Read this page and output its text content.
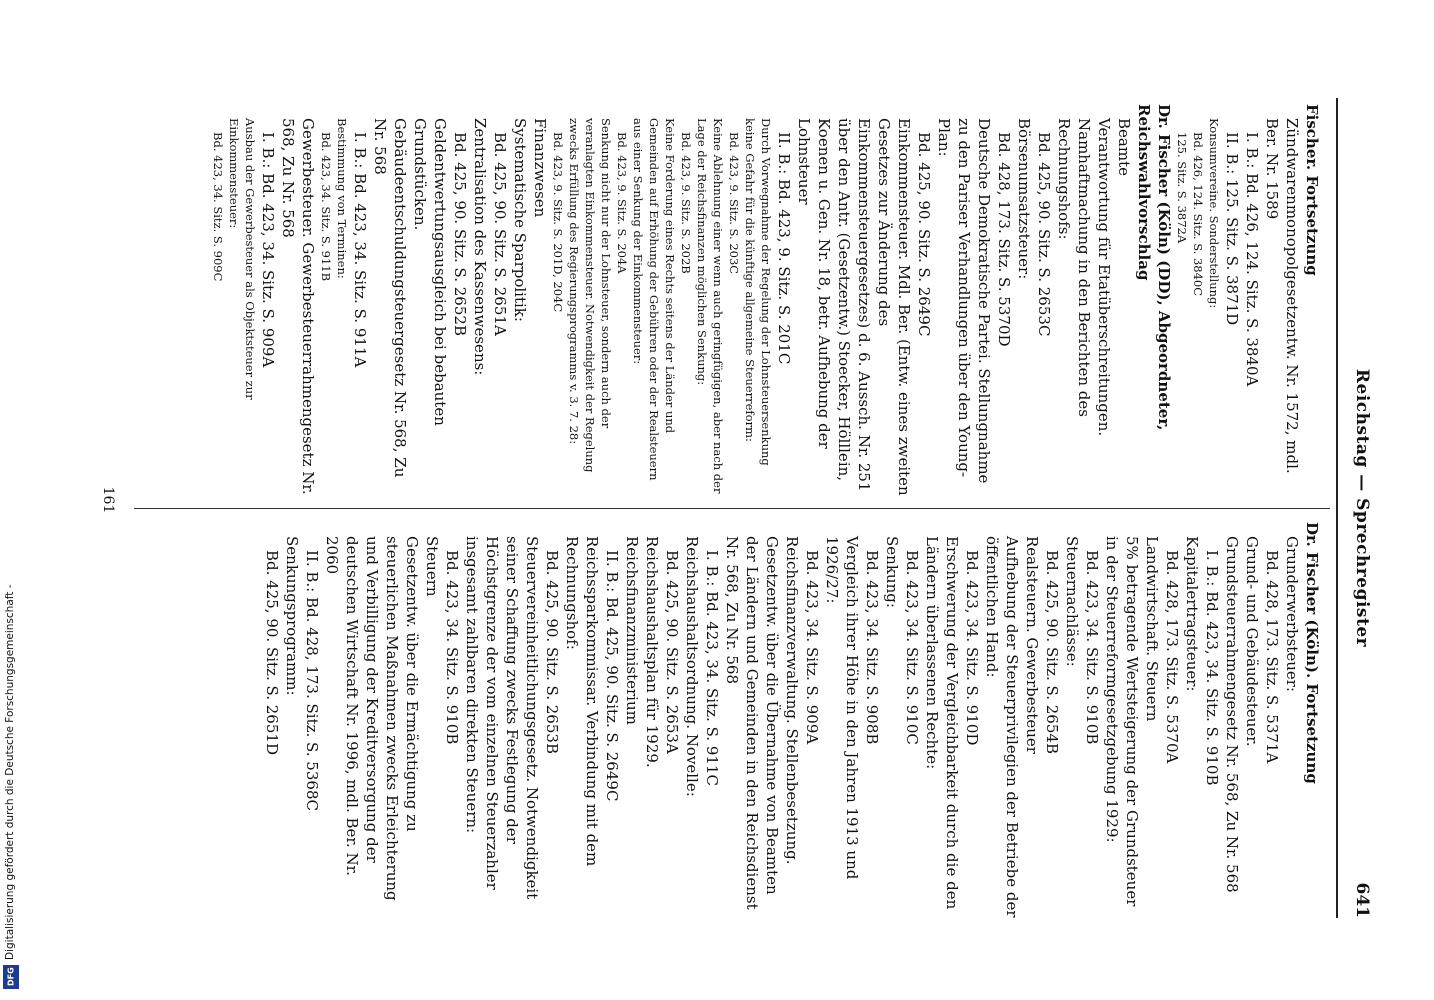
Reichstag — Sprechregister
641

Fischer. Fortsetzung

Zündwarenmonopolgesetzentw. Nr. 1572, mdl.

Ber. Nr. 1589

I. B.: Bd. 426, 124. Sitz. S. 3840A

II. B.: 125. Sitz. S. 3871D

Konsumvereine. Sonderstellung:

Bd. 426, 124. Sitz. S. 3840C

125. Sitz. S. 3872A

Dr. Fischer (Köln) (DD), Abgeordneter, Reichswahlvorschlag

Beamte

Verantwortung für Etatüberschreitungen. Namhaftmachung in den Berichten des Rechnungshofs:

Bd. 425, 90. Sitz. S. 2653C

Börsenumsatzsteuer:

Bd. 428, 173. Sitz. S. 5370D

Deutsche Demokratische Partei. Stellungnahme zu den Pariser Verhandlungen über den Young-Plan:

Bd. 425, 90. Sitz. S. 2649C

Einkommensteuer. Mdl. Ber. (Entw. eines zweiten Gesetzes zur Änderung des Einkommensteuergesetzes) d. 6. Aussch. Nr. 251 über den Antr. (Gesetzentw.) Stoecker, Hölllein, Koenen u. Gen. Nr. 18, betr. Aufhebung der Lohnsteuer

II. B.: Bd. 423, 9. Sitz. S. 201C

Durch Vorwegnahme der Regelung der Lohnsteuersenkung keine Gefahr für die künftige allgemeine Steuerreform:

Bd. 423, 9. Sitz. S. 203C

Keine Ablehnung einer wenn auch geringfügigen, aber nach der Lage der Reichsfinanzen möglichen Senkung:

Bd. 423, 9. Sitz. S. 202B

Keine Forderung eines Rechts seitens der Länder und Gemeinden auf Erhöhung der Gebühren oder der Realsteuern aus einer Senkung der Einkommensteuer:

Bd. 423, 9. Sitz. S. 204A

Senkung nicht nur der Lohnsteuer, sondern auch der veranlagten Einkommensteuer. Notwendigkeit der Regelung zwecks Erfüllung des Regierungsprogramms v. 3. 7. 28:

Bd. 423, 9. Sitz. S. 201D, 204C

Finanzwesen

Systematische Sparpolitik:

Bd. 425, 90. Sitz. S. 2651A

Zentralisation des Kassenwesens:

Bd. 425, 90. Sitz. S. 2652B

Geldentwertungsausgleich bei bebauten Grundstücken. Gebäudeentschuldungsteuergesetz Nr. 568, Zu Nr. 568

I. B.: Bd. 423, 34. Sitz. S. 911A

Bestimmung von Terminen:

Bd. 423, 34. Sitz. S. 911B

Gewerbesteuer. Gewerbesteuerrahmengesetz Nr. 568, Zu Nr. 568

I. B.: Bd. 423, 34. Sitz. S. 909A

Ausbau der Gewerbesteuer als Objektsteuer zur Einkommensteuer:

Bd. 423, 34. Sitz. S. 909C

Dr. Fischer (Köln). Fortsetzung

Grunderwerbsteuer:

Bd. 428, 173. Sitz. S. 5371A

Grund- und Gebäudesteuer. Grundsteuerrahmengesetz Nr. 568, Zu Nr. 568

I. B.: Bd. 423, 34. Sitz. S. 910B

Kapitalertragsteuer:

Bd. 428, 173. Sitz. S. 5370A

Landwirtschaft. Steuern

5% betragende Wertsteigerung der Grundsteuer in der Steuerreformgesetzgebung 1929:

Bd. 423, 34. Sitz. S. 910B

Steuernachlässe:

Bd. 425, 90. Sitz. S. 2654B

Realsteuern. Gewerbesteuer

Aufhebung der Steuerprivilegien der Betriebe der öffentlichen Hand:

Bd. 423, 34. Sitz. S. 910D

Erschwerung der Vergleichbarkeit durch die den Ländern überlassenen Rechte:

Bd. 423, 34. Sitz. S. 910C

Senkung:

Bd. 423, 34. Sitz. S. 908B

Vergleich ihrer Höhe in den Jahren 1913 und 1926/27:

Bd. 423, 34. Sitz. S. 909A

Reichsfinanzverwaltung. Stellenbesetzung. Gesetzentw. über die Übernahme von Beamten der Ländern und Gemeinden in den Reichsdienst Nr. 568, Zu Nr. 568

I. B.: Bd. 423, 34. Sitz. S. 911C

Reichshaushaltsordnung. Novelle:

Bd. 425, 90. Sitz. S. 2653A

Reichshaushaltsplan für 1929. Reichsfinanzministerium

II. B.: Bd. 425, 90. Sitz. S. 2649C

Reichssparkommissar. Verbindung mit dem Rechnungshof:

Bd. 425, 90. Sitz. S. 2653B

Steuervereinheitlichungsgesetz. Notwendigkeit seiner Schaffung zwecks Festlegung der Höchstgrenze der vom einzelnen Steuerzahler insgesamt zahlbaren direkten Steuern:

Bd. 423, 34. Sitz. S. 910B

Steuern

Gesetzentw. über die Ermächtigung zu steuerlichen Maßnahmen zwecks Erleichterung und Verbilligung der Kreditversorgung der deutschen Wirtschaft Nr. 1996, mdl. Ber. Nr. 2060

II. B.: Bd. 428, 173. Sitz. S. 5368C

Senkungsprogramm:

Bd. 425, 90. Sitz. S. 2651D

161
DFG
Digitalisierung gefördert durch die Deutsche Forschungsgemeinschaft -
